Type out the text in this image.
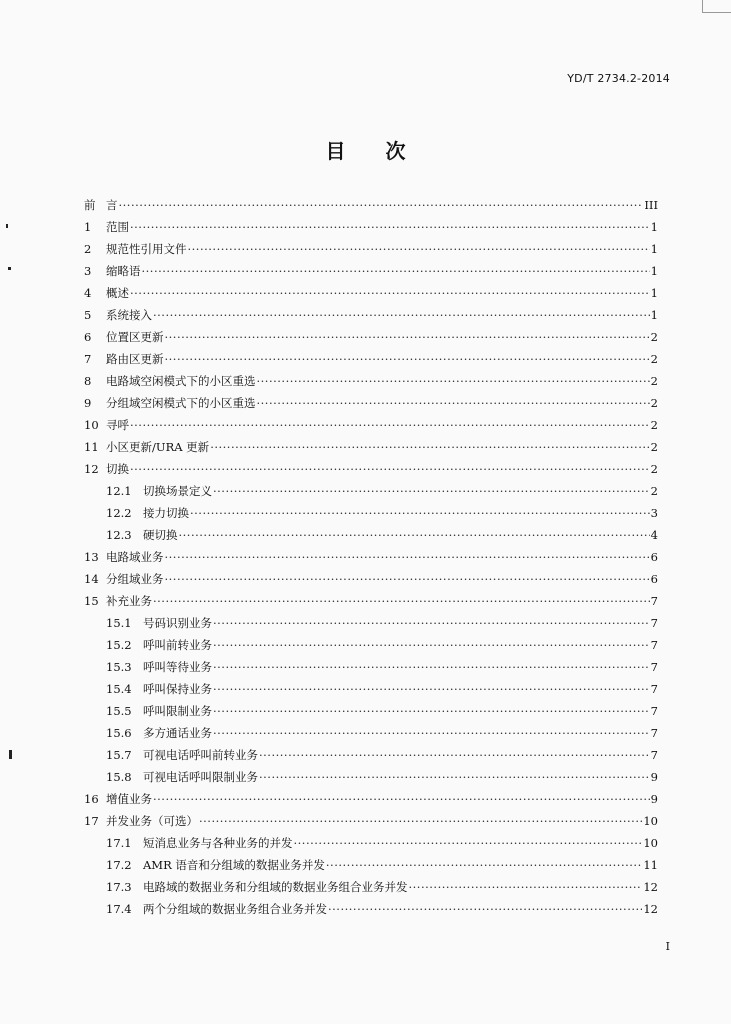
YD/T 2734.2-2014
目 次
前 言 ·····	III
1	范围 ·····	1
2	规范性引用文件 ·····	1
3	缩略语 ·····	1
4	概述 ·····	1
5	系统接入 ·····	1
6	位置区更新 ·····	2
7	路由区更新 ·····	2
8	电路域空闲模式下的小区重选 ·····	2
9	分组域空闲模式下的小区重选 ·····	2
10 寻呼 ·····	2
11 小区更新/URA 更新 ·····	2
12 切换 ·····	2
12.1 切换场景定义 ·····	2
12.2 接力切换 ·····	3
12.3 硬切换 ·····	4
13 电路域业务 ·····	6
14 分组域业务 ·····	6
15 补充业务 ·····	7
15.1 号码识别业务 ·····	7
15.2 呼叫前转业务 ·····	7
15.3 呼叫等待业务 ·····	7
15.4 呼叫保持业务 ·····	7
15.5 呼叫限制业务 ·····	7
15.6 多方通话业务 ·····	7
15.7 可视电话呼叫前转业务 ·····	7
15.8 可视电话呼叫限制业务 ·····	9
16 增值业务 ·····	9
17 并发业务（可选） ·····	10
17.1 短消息业务与各种业务的并发 ·····	10
17.2 AMR 语音和分组域的数据业务并发 ·····	11
17.3 电路域的数据业务和分组域的数据业务组合业务并发 ·····	12
17.4 两个分组域的数据业务组合业务并发 ·····	12
I
